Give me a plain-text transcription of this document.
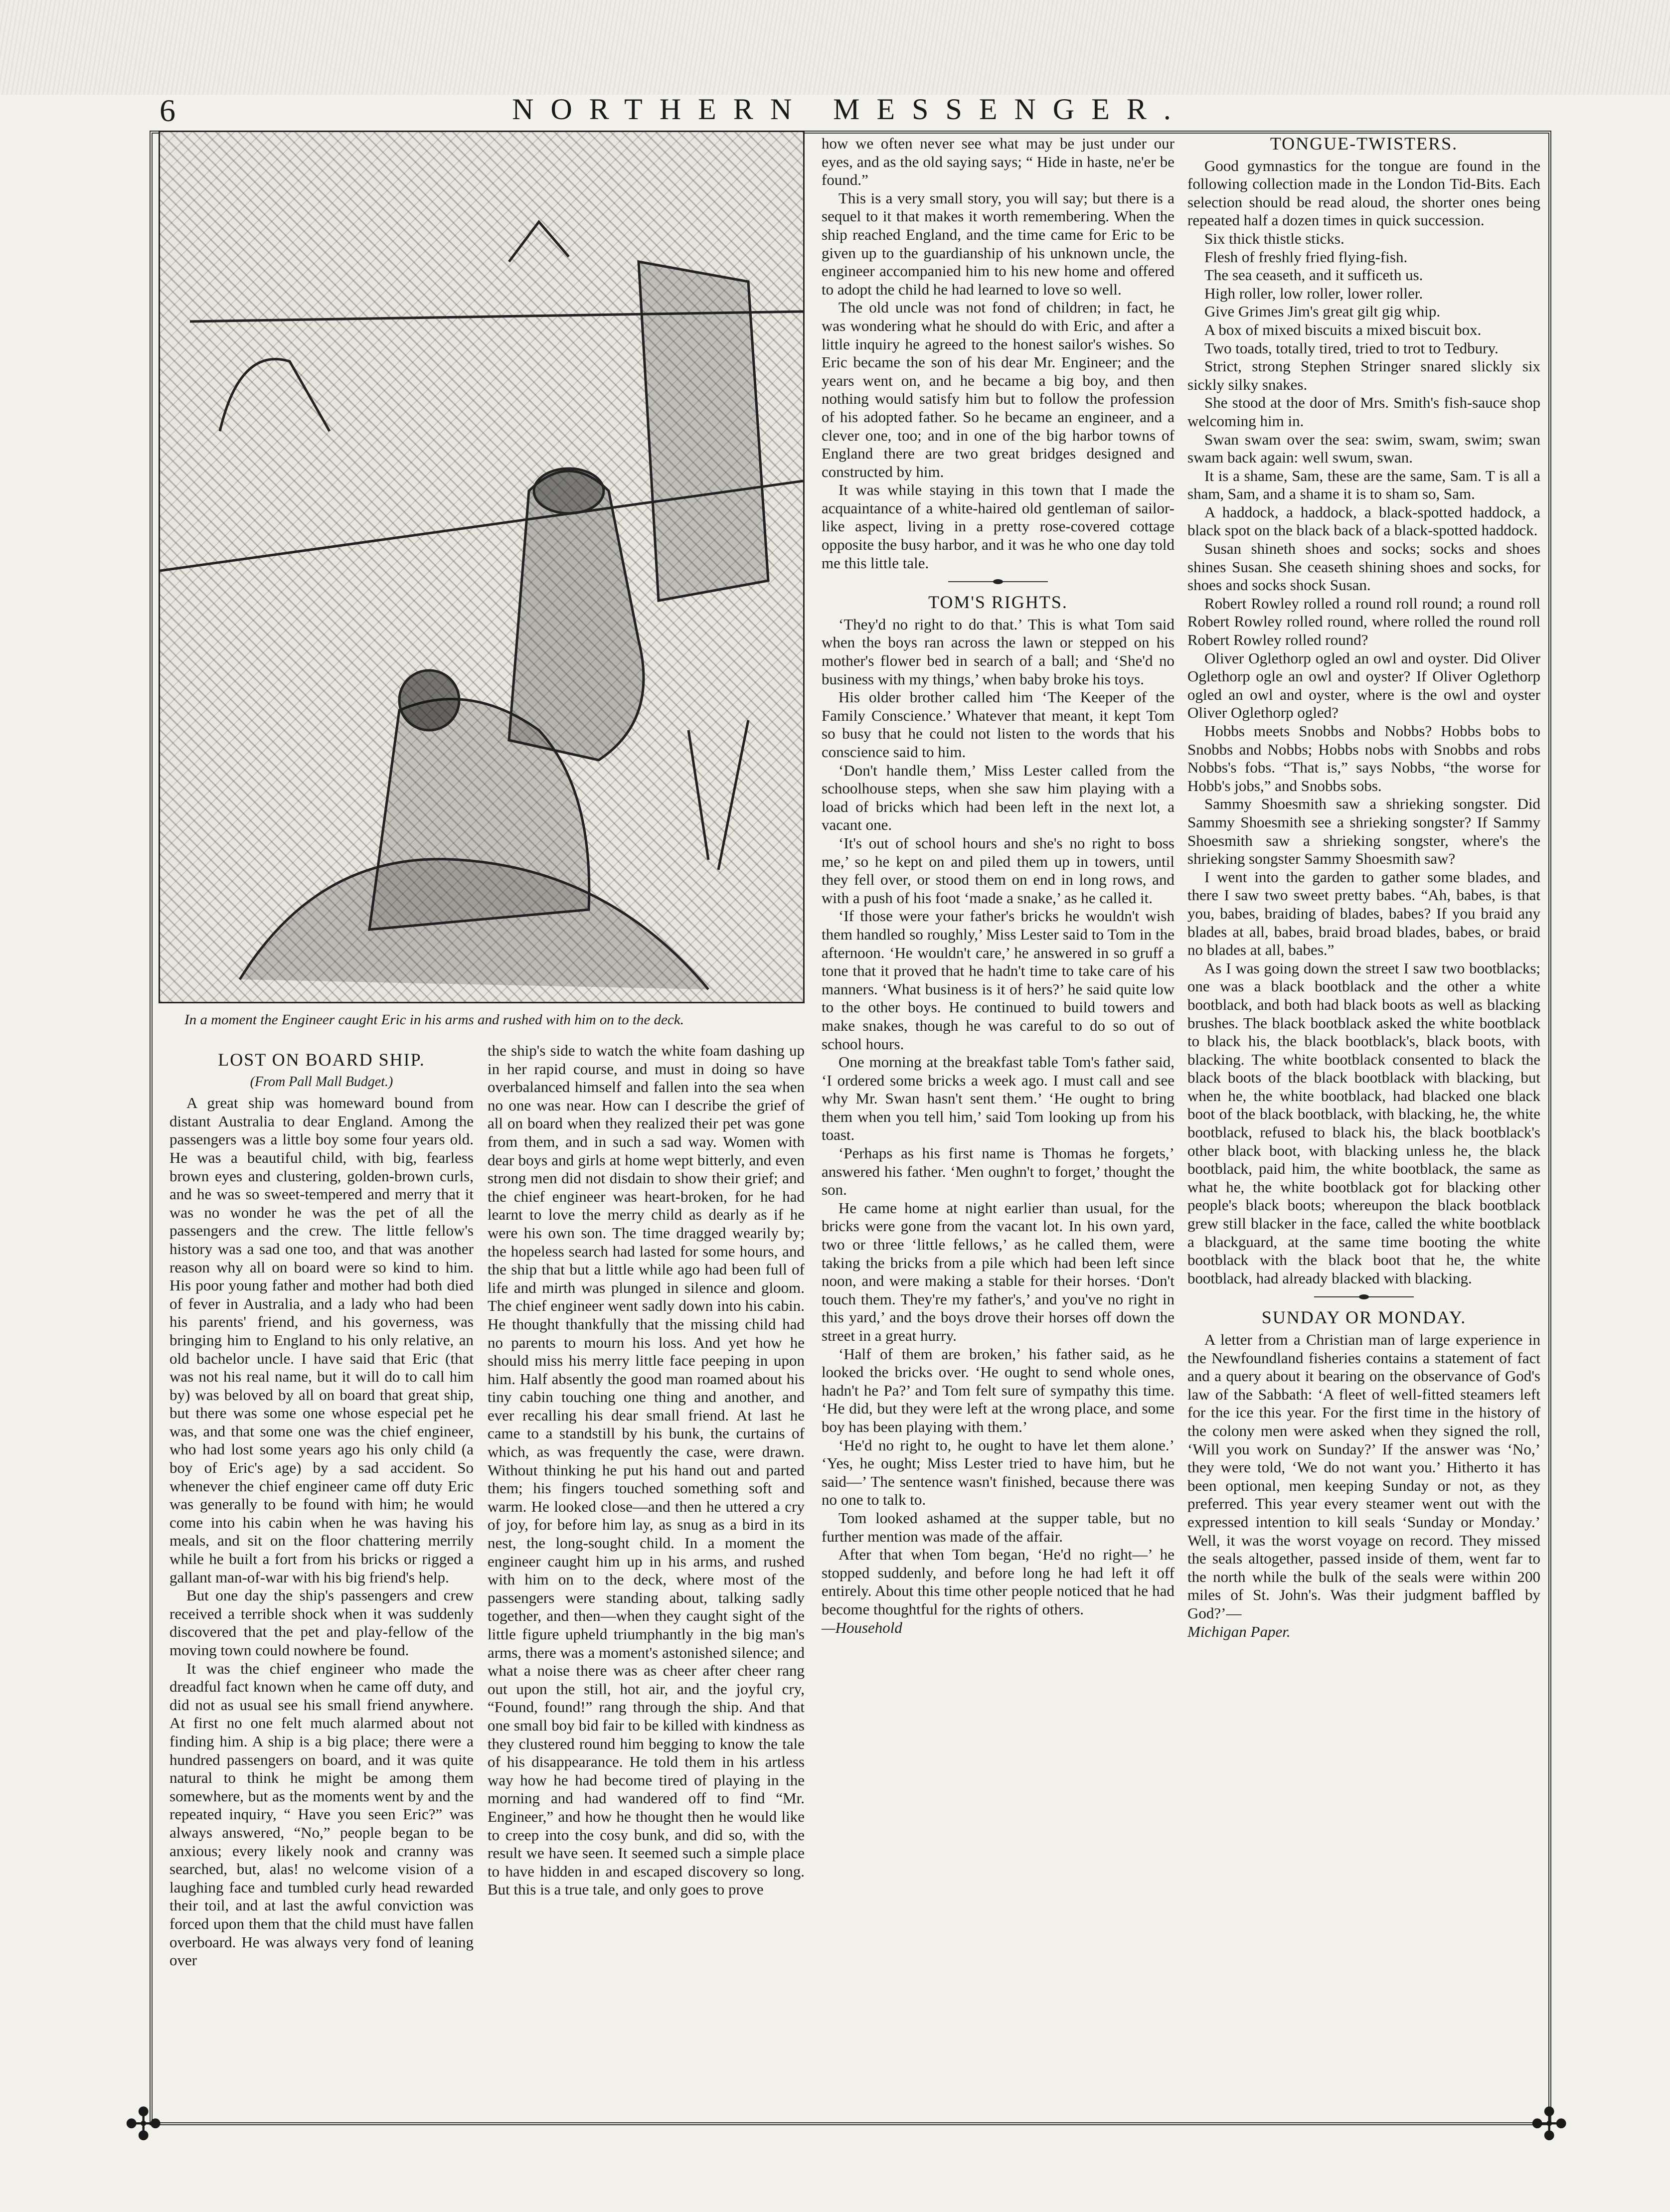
6	NORTHERN MESSENGER.
✣	✣
In a moment the Engineer caught Eric in his arms and rushed with him on to the deck.
LOST ON BOARD SHIP.
(From Pall Mall Budget.)

A great ship was homeward bound from distant Australia to dear England. Among the passengers was a little boy some four years old. He was a beautiful child, with big, fearless brown eyes and clustering, golden-brown curls, and he was so sweet-tempered and merry that it was no wonder he was the pet of all the passengers and the crew. The little fellow's history was a sad one too, and that was another reason why all on board were so kind to him. His poor young father and mother had both died of fever in Australia, and a lady who had been his parents' friend, and his governess, was bringing him to England to his only relative, an old bachelor uncle. I have said that Eric (that was not his real name, but it will do to call him by) was beloved by all on board that great ship, but there was some one whose especial pet he was, and that some one was the chief engineer, who had lost some years ago his only child (a boy of Eric's age) by a sad accident. So whenever the chief engineer came off duty Eric was generally to be found with him; he would come into his cabin when he was having his meals, and sit on the floor chattering merrily while he built a fort from his bricks or rigged a gallant man-of-war with his big friend's help.

But one day the ship's passengers and crew received a terrible shock when it was suddenly discovered that the pet and play-fellow of the moving town could nowhere be found.

It was the chief engineer who made the dreadful fact known when he came off duty, and did not as usual see his small friend anywhere. At first no one felt much alarmed about not finding him. A ship is a big place; there were a hundred passengers on board, and it was quite natural to think he might be among them somewhere, but as the moments went by and the repeated inquiry, “ Have you seen Eric?” was always answered, “No,” people began to be anxious; every likely nook and cranny was searched, but, alas! no welcome vision of a laughing face and tumbled curly head rewarded their toil, and at last the awful conviction was forced upon them that the child must have fallen overboard. He was always very fond of leaning over

the ship's side to watch the white foam dashing up in her rapid course, and must in doing so have overbalanced himself and fallen into the sea when no one was near. How can I describe the grief of all on board when they realized their pet was gone from them, and in such a sad way. Women with dear boys and girls at home wept bitterly, and even strong men did not disdain to show their grief; and the chief engineer was heart-broken, for he had learnt to love the merry child as dearly as if he were his own son. The time dragged wearily by; the hopeless search had lasted for some hours, and the ship that but a little while ago had been full of life and mirth was plunged in silence and gloom. The chief engineer went sadly down into his cabin. He thought thankfully that the missing child had no parents to mourn his loss. And yet how he should miss his merry little face peeping in upon him. Half absently the good man roamed about his tiny cabin touching one thing and another, and ever recalling his dear small friend. At last he came to a standstill by his bunk, the curtains of which, as was frequently the case, were drawn. Without thinking he put his hand out and parted them; his fingers touched something soft and warm. He looked close—and then he uttered a cry of joy, for before him lay, as snug as a bird in its nest, the long-sought child. In a moment the engineer caught him up in his arms, and rushed with him on to the deck, where most of the passengers were standing about, talking sadly together, and then—when they caught sight of the little figure upheld triumphantly in the big man's arms, there was a moment's astonished silence; and what a noise there was as cheer after cheer rang out upon the still, hot air, and the joyful cry, “Found, found!” rang through the ship. And that one small boy bid fair to be killed with kindness as they clustered round him begging to know the tale of his disappearance. He told them in his artless way how he had become tired of playing in the morning and had wandered off to find “Mr. Engineer,” and how he thought then he would like to creep into the cosy bunk, and did so, with the result we have seen. It seemed such a simple place to have hidden in and escaped discovery so long. But this is a true tale, and only goes to prove

how we often never see what may be just under our eyes, and as the old saying says; “ Hide in haste, ne'er be found.”

This is a very small story, you will say; but there is a sequel to it that makes it worth remembering. When the ship reached England, and the time came for Eric to be given up to the guardianship of his unknown uncle, the engineer accompanied him to his new home and offered to adopt the child he had learned to love so well.

The old uncle was not fond of children; in fact, he was wondering what he should do with Eric, and after a little inquiry he agreed to the honest sailor's wishes. So Eric became the son of his dear Mr. Engineer; and the years went on, and he became a big boy, and then nothing would satisfy him but to follow the profession of his adopted father. So he became an engineer, and a clever one, too; and in one of the big harbor towns of England there are two great bridges designed and constructed by him.

It was while staying in this town that I made the acquaintance of a white-haired old gentleman of sailor-like aspect, living in a pretty rose-covered cottage opposite the busy harbor, and it was he who one day told me this little tale.

TOM'S RIGHTS.

‘They'd no right to do that.’ This is what Tom said when the boys ran across the lawn or stepped on his mother's flower bed in search of a ball; and ‘She'd no business with my things,’ when baby broke his toys.

His older brother called him ‘The Keeper of the Family Conscience.’ Whatever that meant, it kept Tom so busy that he could not listen to the words that his conscience said to him.

‘Don't handle them,’ Miss Lester called from the schoolhouse steps, when she saw him playing with a load of bricks which had been left in the next lot, a vacant one.

‘It's out of school hours and she's no right to boss me,’ so he kept on and piled them up in towers, until they fell over, or stood them on end in long rows, and with a push of his foot ‘made a snake,’ as he called it.

‘If those were your father's bricks he wouldn't wish them handled so roughly,’ Miss Lester said to Tom in the afternoon. ‘He wouldn't care,’ he answered in so gruff a tone that it proved that he hadn't time to take care of his manners. ‘What business is it of hers?’ he said quite low to the other boys. He continued to build towers and make snakes, though he was careful to do so out of school hours.

One morning at the breakfast table Tom's father said, ‘I ordered some bricks a week ago. I must call and see why Mr. Swan hasn't sent them.’ ‘He ought to bring them when you tell him,’ said Tom looking up from his toast.

‘Perhaps as his first name is Thomas he forgets,’ answered his father. ‘Men oughn't to forget,’ thought the son.

He came home at night earlier than usual, for the bricks were gone from the vacant lot. In his own yard, two or three ‘little fellows,’ as he called them, were taking the bricks from a pile which had been left since noon, and were making a stable for their horses. ‘Don't touch them. They're my father's,’ and you've no right in this yard,’ and the boys drove their horses off down the street in a great hurry.

‘Half of them are broken,’ his father said, as he looked the bricks over. ‘He ought to send whole ones, hadn't he Pa?’ and Tom felt sure of sympathy this time. ‘He did, but they were left at the wrong place, and some boy has been playing with them.’

‘He'd no right to, he ought to have let them alone.’ ‘Yes, he ought; Miss Lester tried to have him, but he said—’ The sentence wasn't finished, because there was no one to talk to.

Tom looked ashamed at the supper table, but no further mention was made of the affair.

After that when Tom began, ‘He'd no right—’ he stopped suddenly, and before long he had left it off entirely. About this time other people noticed that he had become thoughtful for the rights of others.

—Household

TONGUE-TWISTERS.

Good gymnastics for the tongue are found in the following collection made in the London Tid-Bits. Each selection should be read aloud, the shorter ones being repeated half a dozen times in quick succession.

Six thick thistle sticks.

Flesh of freshly fried flying-fish.

The sea ceaseth, and it sufficeth us.

High roller, low roller, lower roller.

Give Grimes Jim's great gilt gig whip.

A box of mixed biscuits a mixed biscuit box.

Two toads, totally tired, tried to trot to Tedbury.

Strict, strong Stephen Stringer snared slickly six sickly silky snakes.

She stood at the door of Mrs. Smith's fish-sauce shop welcoming him in.

Swan swam over the sea: swim, swam, swim; swan swam back again: well swum, swan.

It is a shame, Sam, these are the same, Sam. T is all a sham, Sam, and a shame it is to sham so, Sam.

A haddock, a haddock, a black-spotted haddock, a black spot on the black back of a black-spotted haddock.

Susan shineth shoes and socks; socks and shoes shines Susan. She ceaseth shining shoes and socks, for shoes and socks shock Susan.

Robert Rowley rolled a round roll round; a round roll Robert Rowley rolled round, where rolled the round roll Robert Rowley rolled round?

Oliver Oglethorp ogled an owl and oyster. Did Oliver Oglethorp ogle an owl and oyster? If Oliver Oglethorp ogled an owl and oyster, where is the owl and oyster Oliver Oglethorp ogled?

Hobbs meets Snobbs and Nobbs? Hobbs bobs to Snobbs and Nobbs; Hobbs nobs with Snobbs and robs Nobbs's fobs. “That is,” says Nobbs, “the worse for Hobb's jobs,” and Snobbs sobs.

Sammy Shoesmith saw a shrieking songster. Did Sammy Shoesmith see a shrieking songster? If Sammy Shoesmith saw a shrieking songster, where's the shrieking songster Sammy Shoesmith saw?

I went into the garden to gather some blades, and there I saw two sweet pretty babes. “Ah, babes, is that you, babes, braiding of blades, babes? If you braid any blades at all, babes, braid broad blades, babes, or braid no blades at all, babes.”

As I was going down the street I saw two bootblacks; one was a black bootblack and the other a white bootblack, and both had black boots as well as blacking brushes. The black bootblack asked the white bootblack to black his, the black bootblack's, black boots, with blacking. The white bootblack consented to black the black boots of the black bootblack with blacking, but when he, the white bootblack, had blacked one black boot of the black bootblack, with blacking, he, the white bootblack, refused to black his, the black bootblack's other black boot, with blacking unless he, the black bootblack, paid him, the white bootblack, the same as what he, the white bootblack got for blacking other people's black boots; whereupon the black bootblack grew still blacker in the face, called the white bootblack a blackguard, at the same time booting the white bootblack with the black boot that he, the white bootblack, had already blacked with blacking.

SUNDAY OR MONDAY.

A letter from a Christian man of large experience in the Newfoundland fisheries contains a statement of fact and a query about it bearing on the observance of God's law of the Sabbath: ‘A fleet of well-fitted steamers left for the ice this year. For the first time in the history of the colony men were asked when they signed the roll, ‘Will you work on Sunday?’ If the answer was ‘No,’ they were told, ‘We do not want you.’ Hitherto it has been optional, men keeping Sunday or not, as they preferred. This year every steamer went out with the expressed intention to kill seals ‘Sunday or Monday.’ Well, it was the worst voyage on record. They missed the seals altogether, passed inside of them, went far to the north while the bulk of the seals were within 200 miles of St. John's. Was their judgment baffled by God?’—

Michigan Paper.
